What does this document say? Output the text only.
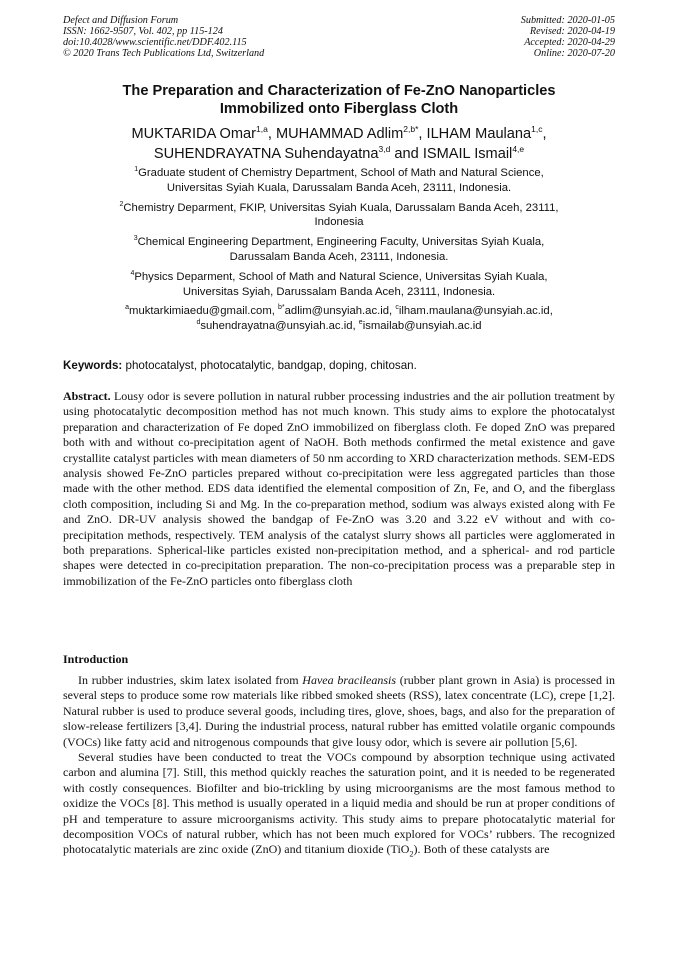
Defect and Diffusion Forum
ISSN: 1662-9507, Vol. 402, pp 115-124
doi:10.4028/www.scientific.net/DDF.402.115
© 2020 Trans Tech Publications Ltd, Switzerland
Submitted: 2020-01-05
Revised: 2020-04-19
Accepted: 2020-04-29
Online: 2020-07-20
The Preparation and Characterization of Fe-ZnO Nanoparticles
Immobilized onto Fiberglass Cloth
MUKTARIDA Omar$^{1,a}$, MUHAMMAD Adlim$^{2,b*}$, ILHAM Maulana$^{1,c}$,
SUHENDRAYATNA Suhendayatna$^{3,d}$ and ISMAIL Ismail$^{4,e}$
$^1$Graduate student of Chemistry Department, School of Math and Natural Science,
Universitas Syiah Kuala, Darussalam Banda Aceh, 23111, Indonesia.
$^2$Chemistry Deparment, FKIP, Universitas Syiah Kuala, Darussalam Banda Aceh, 23111,
Indonesia
$^3$Chemical Engineering Department, Engineering Faculty, Universitas Syiah Kuala,
Darussalam Banda Aceh, 23111, Indonesia.
$^4$Physics Deparment, School of Math and Natural Science, Universitas Syiah Kuala,
Universitas Syiah, Darussalam Banda Aceh, 23111, Indonesia.
$^a$muktarkimiaedu@gmail.com, $^{b*}$adlim@unsyiah.ac.id, $^c$ilham.maulana@unsyiah.ac.id,
$^d$suhendrayatna@unsyiah.ac.id, $^e$ismailab@unsyiah.ac.id
Keywords: photocatalyst, photocatalytic, bandgap, doping, chitosan.

Abstract. Lousy odor is severe pollution in natural rubber processing industries and the air pollution treatment by using photocatalytic decomposition method has not much known. This study aims to explore the photocatalyst preparation and characterization of Fe doped ZnO immobilized on fiberglass cloth. Fe doped ZnO was prepared both with and without co-precipitation agent of NaOH. Both methods confirmed the metal existence and gave crystallite catalyst particles with mean diameters of 50 nm according to XRD characterization methods. SEM-EDS analysis showed Fe-ZnO particles prepared without co-precipitation were less aggregated particles than those made with the other method. EDS data identified the elemental composition of Zn, Fe, and O, and the fiberglass cloth composition, including Si and Mg. In the co-preparation method, sodium was always existed along with Fe and ZnO. DR-UV analysis showed the bandgap of Fe-ZnO was 3.20 and 3.22 eV without and with co-precipitation methods, respectively. TEM analysis of the catalyst slurry shows all particles were agglomerated in both preparations. Spherical-like particles existed non-precipitation method, and a spherical- and rod particle shapes were detected in co-precipitation preparation. The non-co-precipitation process was a preparable step in immobilization of the Fe-ZnO particles onto fiberglass cloth

Introduction

In rubber industries, skim latex isolated from Havea bracileansis (rubber plant grown in Asia) is processed in several steps to produce some row materials like ribbed smoked sheets (RSS), latex concentrate (LC), crepe [1,2]. Natural rubber is used to produce several goods, including tires, glove, shoes, bags, and also for the preparation of slow-release fertilizers [3,4]. During the industrial process, natural rubber has emitted volatile organic compounds (VOCs) like fatty acid and nitrogenous compounds that give lousy odor, which is severe air pollution [5,6].

Several studies have been conducted to treat the VOCs compound by absorption technique using activated carbon and alumina [7]. Still, this method quickly reaches the saturation point, and it is needed to be regenerated with costly consequences. Biofilter and bio-trickling by using microorganisms are the most famous method to oxidize the VOCs [8]. This method is usually operated in a liquid media and should be run at proper conditions of pH and temperature to assure microorganisms activity. This study aims to prepare photocatalytic material for decomposition VOCs of natural rubber, which has not been much explored for VOCs’ rubbers. The recognized photocatalytic materials are zinc oxide (ZnO) and titanium dioxide (TiO$_2$). Both of these catalysts are
